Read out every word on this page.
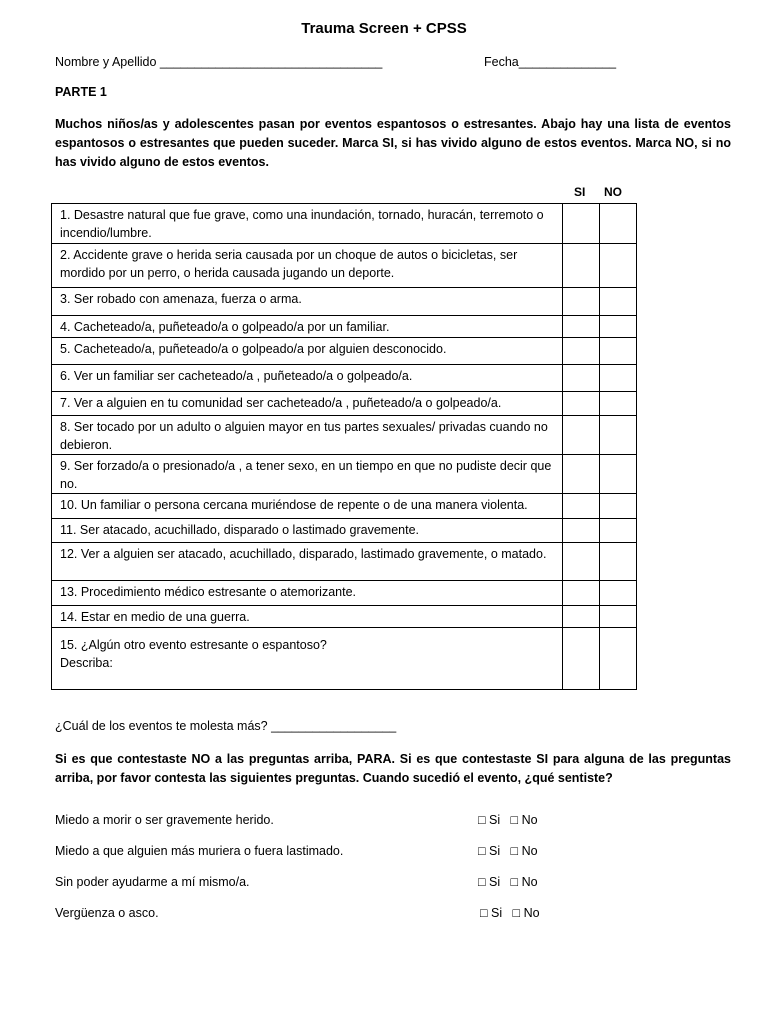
Trauma Screen + CPSS
Nombre y Apellido ________________________________	Fecha______________
PARTE 1
Muchos niños/as y adolescentes pasan por eventos espantosos o estresantes. Abajo hay una lista de eventos espantosos o estresantes que pueden suceder. Marca SI, si has vivido alguno de estos eventos. Marca NO, si no has vivido alguno de estos eventos.
SI NO
1. Desastre natural que fue grave, como una inundación, tornado, huracán, terremoto o incendio/lumbre.		
2. Accidente grave o herida seria causada por un choque de autos o bicicletas, ser mordido por un perro, o herida causada jugando un deporte.		
3. Ser robado con amenaza, fuerza o arma.		
4. Cacheteado/a, puñeteado/a o golpeado/a por un familiar.		
5. Cacheteado/a, puñeteado/a o golpeado/a por alguien desconocido.		
6. Ver un familiar ser cacheteado/a , puñeteado/a o golpeado/a.		
7. Ver a alguien en tu comunidad ser cacheteado/a , puñeteado/a o golpeado/a.		
8. Ser tocado por un adulto o alguien mayor en tus partes sexuales/ privadas cuando no debieron.		
9. Ser forzado/a o presionado/a , a tener sexo, en un tiempo en que no pudiste decir que no.		
10. Un familiar o persona cercana muriéndose de repente o de una manera violenta.		
11. Ser atacado, acuchillado, disparado o lastimado gravemente.		
12. Ver a alguien ser atacado, acuchillado, disparado, lastimado gravemente, o matado.		
13. Procedimiento médico estresante o atemorizante.		
14. Estar en medio de una guerra.		
15. ¿Algún otro evento estresante o espantoso?
Describa:		
¿Cuál de los eventos te molesta más? __________________
Si es que contestaste NO a las preguntas arriba, PARA. Si es que contestaste SI para alguna de las preguntas arriba, por favor contesta las siguientes preguntas. Cuando sucedió el evento, ¿qué sentiste?
Miedo a morir o ser gravemente herido.	□ Si   □ No
Miedo a que alguien más muriera o fuera lastimado.	□ Si   □ No
Sin poder ayudarme a mí mismo/a.	□ Si   □ No
Vergüenza o asco.	□ Si   □ No
